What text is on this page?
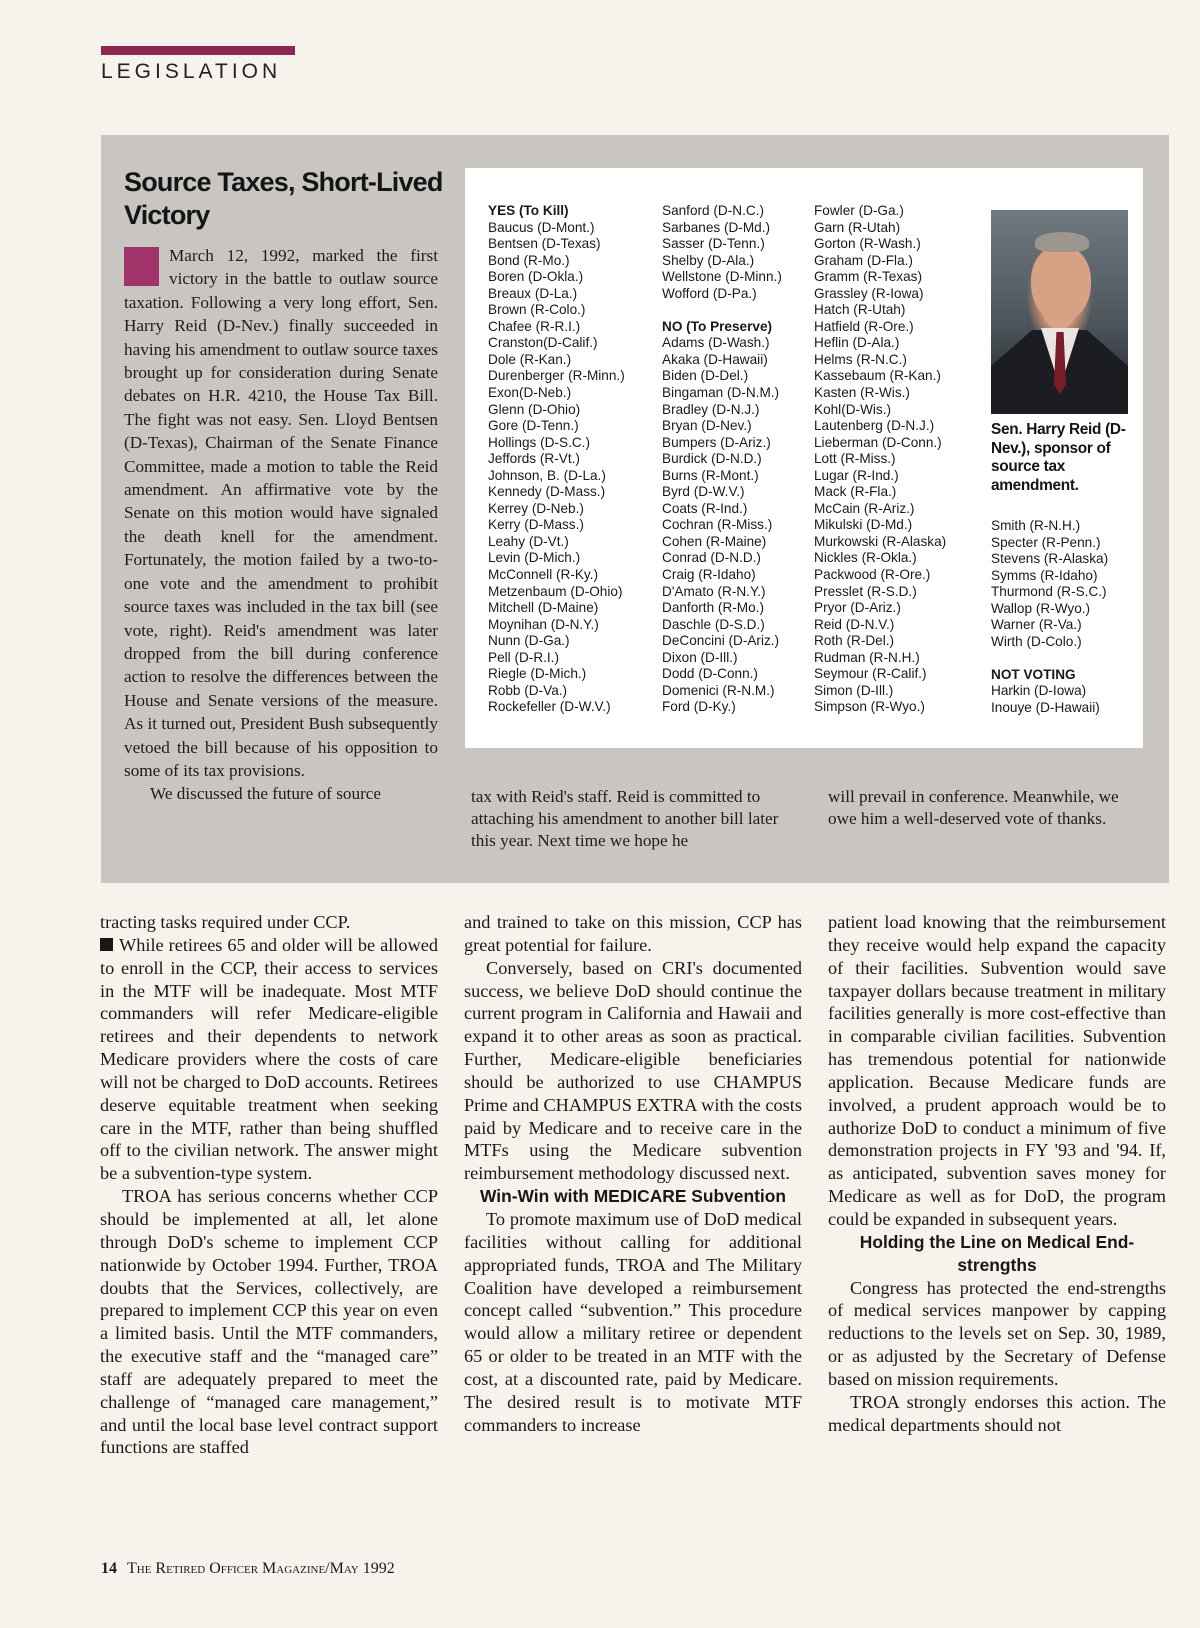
LEGISLATION
Source Taxes, Short-Lived Victory

March 12, 1992, marked the first victory in the battle to outlaw source taxation. Following a very long effort, Sen. Harry Reid (D-Nev.) finally succeeded in having his amendment to outlaw source taxes brought up for consideration during Senate debates on H.R. 4210, the House Tax Bill. The fight was not easy. Sen. Lloyd Bentsen (D-Texas), Chairman of the Senate Finance Committee, made a motion to table the Reid amendment. An affirmative vote by the Senate on this motion would have signaled the death knell for the amendment. Fortunately, the motion failed by a two-to-one vote and the amendment to prohibit source taxes was included in the tax bill (see vote, right). Reid's amendment was later dropped from the bill during conference action to resolve the differences between the House and Senate versions of the measure. As it turned out, President Bush subsequently vetoed the bill because of his opposition to some of its tax provisions.

We discussed the future of source

YES (To Kill)
Baucus (D-Mont.)
Bentsen (D-Texas)
Bond (R-Mo.)
Boren (D-Okla.)
Breaux (D-La.)
Brown (R-Colo.)
Chafee (R-R.I.)
Cranston(D-Calif.)
Dole (R-Kan.)
Durenberger (R-Minn.)
Exon(D-Neb.)
Glenn (D-Ohio)
Gore (D-Tenn.)
Hollings (D-S.C.)
Jeffords (R-Vt.)
Johnson, B. (D-La.)
Kennedy (D-Mass.)
Kerrey (D-Neb.)
Kerry (D-Mass.)
Leahy (D-Vt.)
Levin (D-Mich.)
McConnell (R-Ky.)
Metzenbaum (D-Ohio)
Mitchell (D-Maine)
Moynihan (D-N.Y.)
Nunn (D-Ga.)
Pell (D-R.I.)
Riegle (D-Mich.)
Robb (D-Va.)
Rockefeller (D-W.V.)
Sanford (D-N.C.)
Sarbanes (D-Md.)
Sasser (D-Tenn.)
Shelby (D-Ala.)
Wellstone (D-Minn.)
Wofford (D-Pa.)
NO (To Preserve)
Adams (D-Wash.)
Akaka (D-Hawaii)
Biden (D-Del.)
Bingaman (D-N.M.)
Bradley (D-N.J.)
Bryan (D-Nev.)
Bumpers (D-Ariz.)
Burdick (D-N.D.)
Burns (R-Mont.)
Byrd (D-W.V.)
Coats (R-Ind.)
Cochran (R-Miss.)
Cohen (R-Maine)
Conrad (D-N.D.)
Craig (R-Idaho)
D'Amato (R-N.Y.)
Danforth (R-Mo.)
Daschle (D-S.D.)
DeConcini (D-Ariz.)
Dixon (D-Ill.)
Dodd (D-Conn.)
Domenici (R-N.M.)
Ford (D-Ky.)
Fowler (D-Ga.)
Garn (R-Utah)
Gorton (R-Wash.)
Graham (D-Fla.)
Gramm (R-Texas)
Grassley (R-Iowa)
Hatch (R-Utah)
Hatfield (R-Ore.)
Heflin (D-Ala.)
Helms (R-N.C.)
Kassebaum (R-Kan.)
Kasten (R-Wis.)
Kohl(D-Wis.)
Lautenberg (D-N.J.)
Lieberman (D-Conn.)
Lott (R-Miss.)
Lugar (R-Ind.)
Mack (R-Fla.)
McCain (R-Ariz.)
Mikulski (D-Md.)
Murkowski (R-Alaska)
Nickles (R-Okla.)
Packwood (R-Ore.)
Presslet (R-S.D.)
Pryor (D-Ariz.)
Reid (D-N.V.)
Roth (R-Del.)
Rudman (R-N.H.)
Seymour (R-Calif.)
Simon (D-Ill.)
Simpson (R-Wyo.)
Smith (R-N.H.)
Specter (R-Penn.)
Stevens (R-Alaska)
Symms (R-Idaho)
Thurmond (R-S.C.)
Wallop (R-Wyo.)
Warner (R-Va.)
Wirth (D-Colo.)
NOT VOTING
Harkin (D-Iowa)
Inouye (D-Hawaii)
Sen. Harry Reid (D-Nev.), sponsor of source tax amendment.
tax with Reid's staff. Reid is committed to attaching his amendment to another bill later this year. Next time we hope he
will prevail in conference. Meanwhile, we owe him a well-deserved vote of thanks.

tracting tasks required under CCP.

While retirees 65 and older will be allowed to enroll in the CCP, their access to services in the MTF will be inadequate. Most MTF commanders will refer Medicare-eligible retirees and their dependents to network Medicare providers where the costs of care will not be charged to DoD accounts. Retirees deserve equitable treatment when seeking care in the MTF, rather than being shuffled off to the civilian network. The answer might be a subvention-type system.

TROA has serious concerns whether CCP should be implemented at all, let alone through DoD's scheme to implement CCP nationwide by October 1994. Further, TROA doubts that the Services, collectively, are prepared to implement CCP this year on even a limited basis. Until the MTF commanders, the executive staff and the “managed care” staff are adequately prepared to meet the challenge of “managed care management,” and until the local base level contract support functions are staffed

and trained to take on this mission, CCP has great potential for failure.

Conversely, based on CRI's documented success, we believe DoD should continue the current program in California and Hawaii and expand it to other areas as soon as practical. Further, Medicare-eligible beneficiaries should be authorized to use CHAMPUS Prime and CHAMPUS EXTRA with the costs paid by Medicare and to receive care in the MTFs using the Medicare subvention reimbursement methodology discussed next.

Win-Win with MEDICARE Subvention

To promote maximum use of DoD medical facilities without calling for additional appropriated funds, TROA and The Military Coalition have developed a reimbursement concept called “subvention.” This procedure would allow a military retiree or dependent 65 or older to be treated in an MTF with the cost, at a discounted rate, paid by Medicare. The desired result is to motivate MTF commanders to increase

patient load knowing that the reimbursement they receive would help expand the capacity of their facilities. Subvention would save taxpayer dollars because treatment in military facilities generally is more cost-effective than in comparable civilian facilities. Subvention has tremendous potential for nationwide application. Because Medicare funds are involved, a prudent approach would be to authorize DoD to conduct a minimum of five demonstration projects in FY '93 and '94. If, as anticipated, subvention saves money for Medicare as well as for DoD, the program could be expanded in subsequent years.

Holding the Line on Medical End-strengths

Congress has protected the end-strengths of medical services manpower by capping reductions to the levels set on Sep. 30, 1989, or as adjusted by the Secretary of Defense based on mission requirements.

TROA strongly endorses this action. The medical departments should not

14 The Retired Officer Magazine/May 1992
